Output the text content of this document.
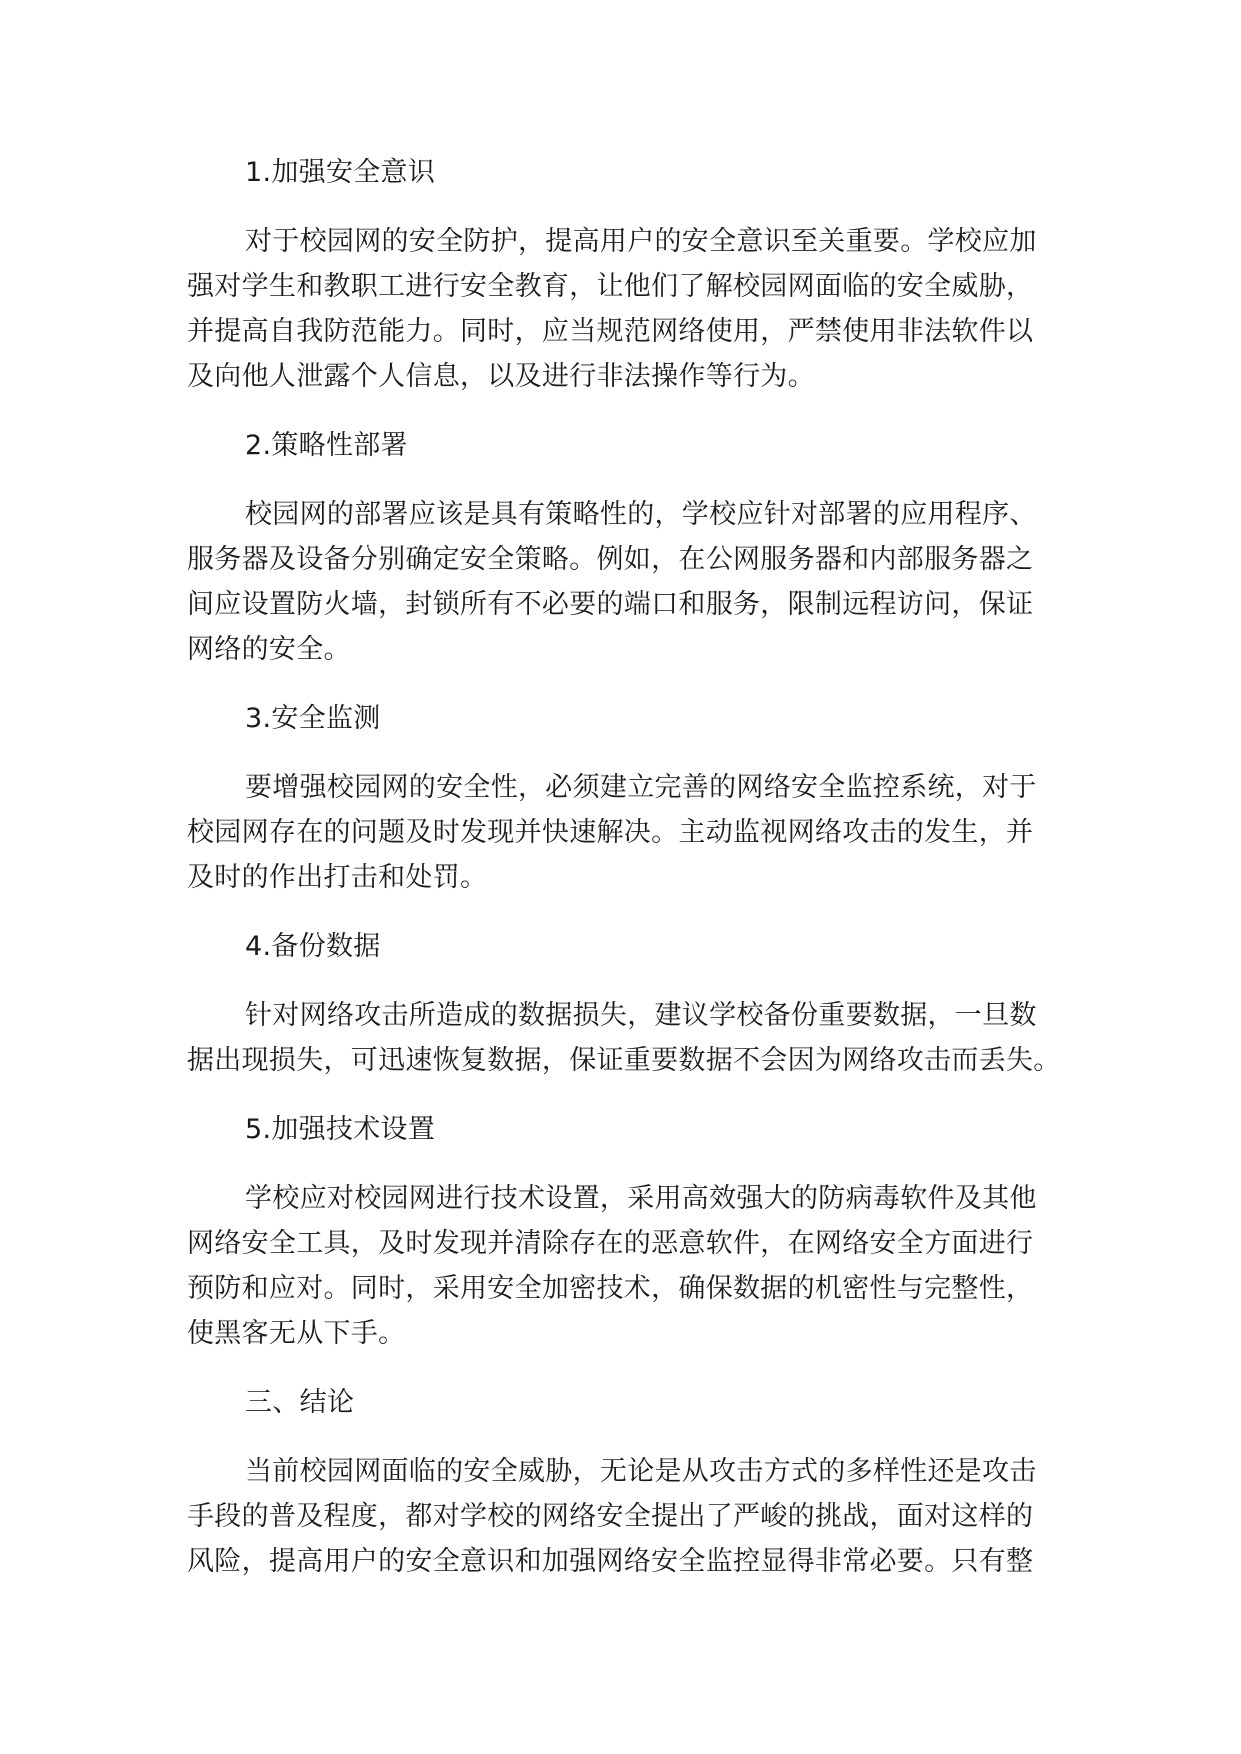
1.加强安全意识
对于校园网的安全防护，提高用户的安全意识至关重要。学校应加
强对学生和教职工进行安全教育，让他们了解校园网面临的安全威胁，
并提高自我防范能力。同时，应当规范网络使用，严禁使用非法软件以
及向他人泄露个人信息，以及进行非法操作等行为。
2.策略性部署
校园网的部署应该是具有策略性的，学校应针对部署的应用程序、
服务器及设备分别确定安全策略。例如，在公网服务器和内部服务器之
间应设置防火墙，封锁所有不必要的端口和服务，限制远程访问，保证
网络的安全。
3.安全监测
要增强校园网的安全性，必须建立完善的网络安全监控系统，对于
校园网存在的问题及时发现并快速解决。主动监视网络攻击的发生，并
及时的作出打击和处罚。
4.备份数据
针对网络攻击所造成的数据损失，建议学校备份重要数据，一旦数
据出现损失，可迅速恢复数据，保证重要数据不会因为网络攻击而丢失。
5.加强技术设置
学校应对校园网进行技术设置，采用高效强大的防病毒软件及其他
网络安全工具，及时发现并清除存在的恶意软件，在网络安全方面进行
预防和应对。同时，采用安全加密技术，确保数据的机密性与完整性，
使黑客无从下手。
三、结论
当前校园网面临的安全威胁，无论是从攻击方式的多样性还是攻击
手段的普及程度，都对学校的网络安全提出了严峻的挑战，面对这样的
风险，提高用户的安全意识和加强网络安全监控显得非常必要。只有整
